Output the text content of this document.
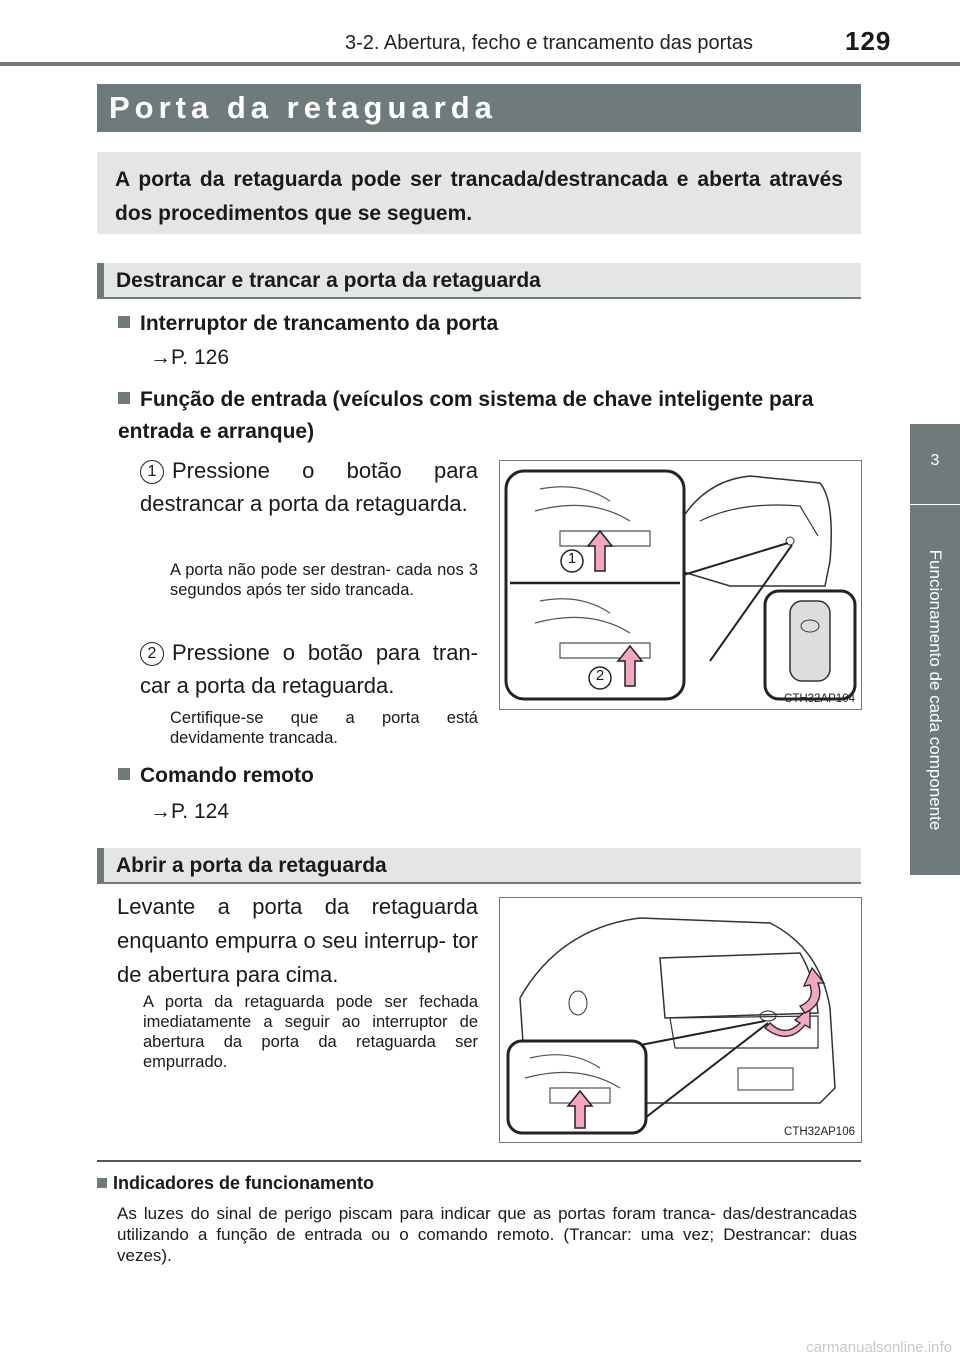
3-2. Abertura, fecho e trancamento das portas	129
3
Funcionamento de cada componente
Porta da retaguarda
A porta da retaguarda pode ser trancada/destrancada e aberta através dos procedimentos que se seguem.
Destrancar e trancar a porta da retaguarda
Interruptor de trancamento da porta
→P. 126
Função de entrada (veículos com sistema de chave inteligente para entrada e arranque)
1 Pressione o botão para destrancar a porta da retaguarda.
A porta não pode ser destran- cada nos 3 segundos após ter sido trancada.
2 Pressione o botão para tran- car a porta da retaguarda.
Certifique-se que a porta está devidamente trancada.
1
2
CTH32AP104
Comando remoto
→P. 124
Abrir a porta da retaguarda
Levante a porta da retaguarda enquanto empurra o seu interrup- tor de abertura para cima.
A porta da retaguarda pode ser fechada imediatamente a seguir ao interruptor de abertura da porta da retaguarda ser empurrado.
CTH32AP106
Indicadores de funcionamento
As luzes do sinal de perigo piscam para indicar que as portas foram tranca- das/destrancadas utilizando a função de entrada ou o comando remoto. (Trancar: uma vez; Destrancar: duas vezes).
carmanualsonline.info
